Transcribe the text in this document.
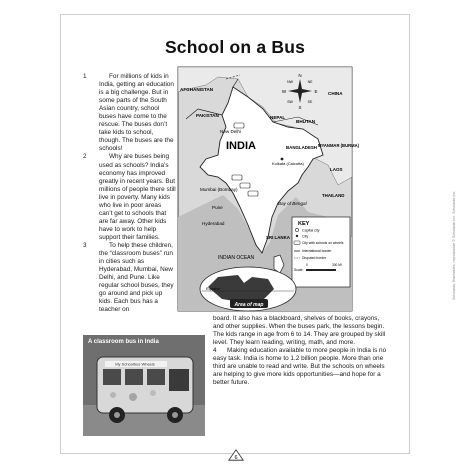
School on a Bus

1	For millions of kids in India, getting an education is a big challenge. But in some parts of the South Asian country, school buses have come to the rescue. The buses don’t take kids to school, though. The buses are the schools!

2	Why are buses being used as schools? India’s economy has improved greatly in recent years. But millions of people there still live in poverty. Many kids who live in poor areas can’t get to schools that are far away. Other kids have to work to help support their families.

3	To help these children, the “classroom buses” run in cities such as Hyderabad, Mumbai, New Delhi, and Pune. Like regular school buses, they go around and pick up kids. Each bus has a teacher on

board. It also has a blackboard, shelves of books, crayons, and other supplies. When the buses park, the lessons begin. The kids range in age from 6 to 14. They are grouped by skill level. They learn reading, writing, math, and more.

4 Making education available to more people in India is no easy task. India is home to 1.2 billion people. More than one third are unable to read and write. But the schools on wheels are helping to give more kids opportunities—and hope for a better future.

N
S
E
W
NW	NE
SW	SE
AFGHANISTAN
PAKISTAN
CHINA
NEPAL
BHUTAN
BANGLADESH
INDIA	MYANMAR (BURMA)
LAOS
THAILAND
SRI LANKA
New Delhi
Kolkata (Calcutta)
Mumbai (Bombay)
Pune
Hyderabad
Bay of Bengal
INDIAN OCEAN
KEY
Capital city
City
City with schools on wheels
International border
Disputed border
Scale:
0	300 MI
Equator
Area of map
My Schoolbus Wheels
A classroom bus in India
6
Scholastic Teachables, reproducible © Scholastic Inc. Scholastic Inc.
